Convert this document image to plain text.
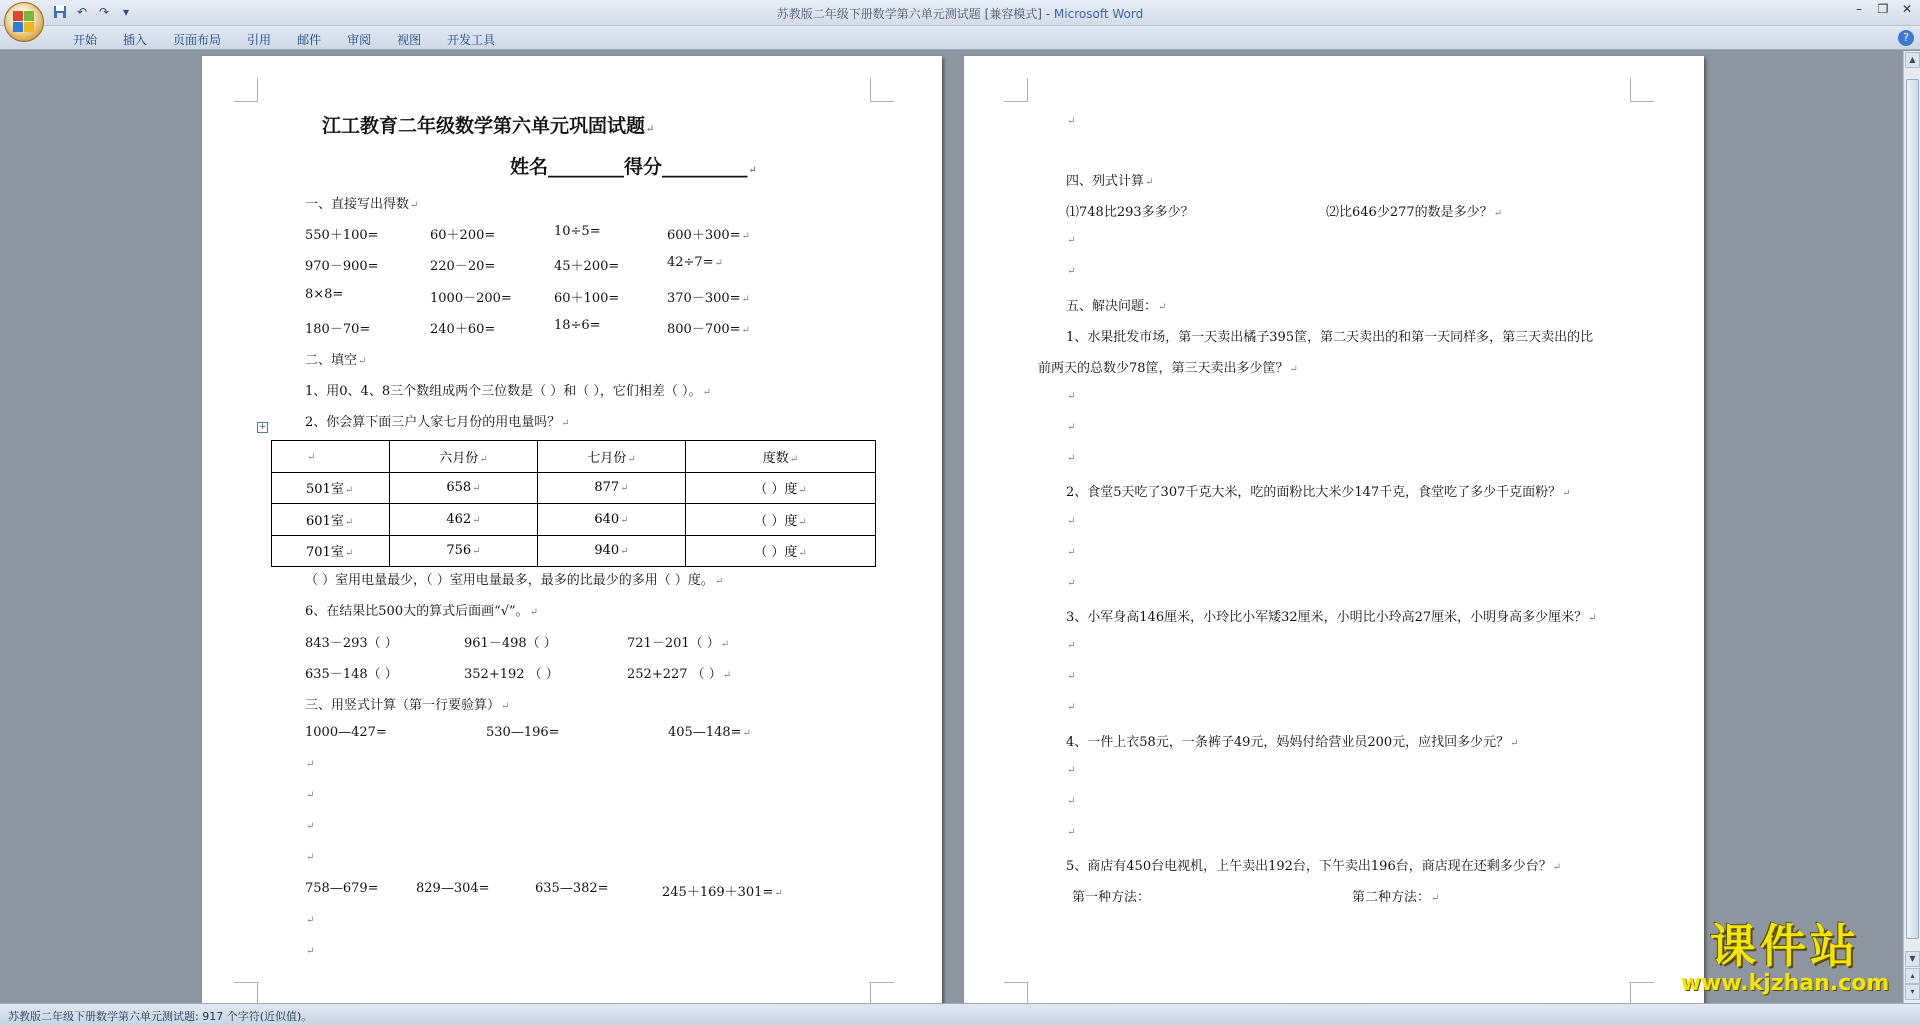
↶ ↷	▾	苏教版二年级下册数学第六单元测试题 [兼容模式] - Microsoft Word	–	❐ ✕
开始	插入	页面布局	引用	邮件	审阅	视图	开发工具	?
江工教育二年级数学第六单元巩固试题↵
姓名________得分_________↵
一、直接写出得数↵
550＋100=	60＋200=	10÷5=	600＋300=↵
970－900=	220－20=	45＋200=	42÷7=↵
8×8=	1000－200=	60＋100=	370－300=↵
180－70=	240＋60=	18÷6=	800－700=↵
二、填空↵
1、用0、4、8三个数组成两个三位数是（ ）和（ ），它们相差（ ）。↵
2、你会算下面三户人家七月份的用电量吗？↵
+
↵	六月份↵	七月份↵	度数↵
501室↵	658↵	877↵	（ ）度↵
601室↵	462↵	640↵	（ ）度↵
701室↵	756↵	940↵	（ ）度↵
（ ）室用电量最少，（ ）室用电量最多，最多的比最少的多用（ ）度。↵
6、在结果比500大的算式后面画“√”。↵
843－293（ ）	961－498（ ）	721－201（ ）↵
635－148（ ）	352+192 （ ）	252+227 （ ）↵
三、用竖式计算（第一行要验算）↵
1000—427=	530—196=	405—148=↵
↵
↵
↵
↵
758—679=	829—304=	635—382=	245＋169＋301=↵
↵
↵
↵
四、列式计算↵
⑴748比293多多少？	⑵比646少277的数是多少？↵
↵
↵
五、解决问题：↵
1、水果批发市场，第一天卖出橘子395筐，第二天卖出的和第一天同样多，第三天卖出的比
前两天的总数少78筐，第三天卖出多少筐？↵
↵
↵
↵
2、食堂5天吃了307千克大米，吃的面粉比大米少147千克，食堂吃了多少千克面粉？↵
↵
↵
↵
3、小军身高146厘米，小玲比小军矮32厘米，小明比小玲高27厘米，小明身高多少厘米？↵
↵
↵
↵
4、一件上衣58元，一条裤子49元，妈妈付给营业员200元，应找回多少元？↵
↵
↵
↵
5、商店有450台电视机，上午卖出192台，下午卖出196台，商店现在还剩多少台？↵
第一种方法：	第二种方法：↵
▲
▼
▴
▾
苏教版二年级下册数学第六单元测试题: 917 个字符(近似值)。
课件站
www.kjzhan.com
